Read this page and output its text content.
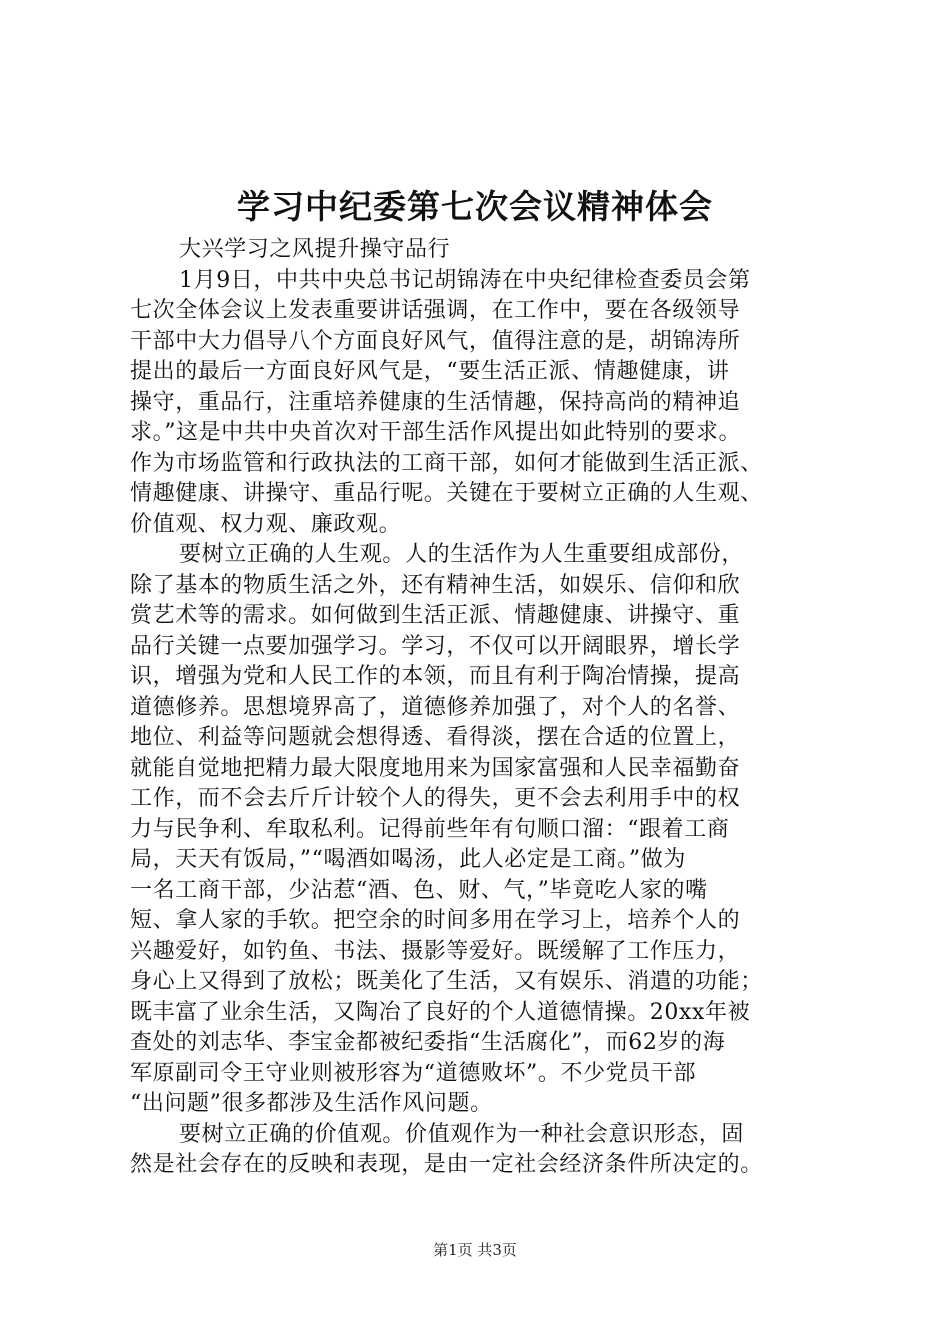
学习中纪委第七次会议精神体会
大兴学习之风提升操守品行
1月9日，中共中央总书记胡锦涛在中央纪律检查委员会第
七次全体会议上发表重要讲话强调，在工作中，要在各级领导
干部中大力倡导八个方面良好风气，值得注意的是，胡锦涛所
提出的最后一方面良好风气是，“要生活正派、情趣健康，讲
操守，重品行，注重培养健康的生活情趣，保持高尚的精神追
求。”这是中共中央首次对干部生活作风提出如此特别的要求。
作为市场监管和行政执法的工商干部，如何才能做到生活正派、
情趣健康、讲操守、重品行呢。关键在于要树立正确的人生观、
价值观、权力观、廉政观。
要树立正确的人生观。人的生活作为人生重要组成部份，
除了基本的物质生活之外，还有精神生活，如娱乐、信仰和欣
赏艺术等的需求。如何做到生活正派、情趣健康、讲操守、重
品行关键一点要加强学习。学习，不仅可以开阔眼界，增长学
识，增强为党和人民工作的本领，而且有利于陶冶情操，提高
道德修养。思想境界高了，道德修养加强了，对个人的名誉、
地位、利益等问题就会想得透、看得淡，摆在合适的位置上，
就能自觉地把精力最大限度地用来为国家富强和人民幸福勤奋
工作，而不会去斤斤计较个人的得失，更不会去利用手中的权
力与民争利、牟取私利。记得前些年有句顺口溜：“跟着工商
局，天天有饭局，”“喝酒如喝汤，此人必定是工商。”做为
一名工商干部，少沾惹“酒、色、财、气，”毕竟吃人家的嘴
短、拿人家的手软。把空余的时间多用在学习上，培养个人的
兴趣爱好，如钓鱼、书法、摄影等爱好。既缓解了工作压力，
身心上又得到了放松；既美化了生活，又有娱乐、消遣的功能；
既丰富了业余生活，又陶冶了良好的个人道德情操。20xx年被
查处的刘志华、李宝金都被纪委指“生活腐化”，而62岁的海
军原副司令王守业则被形容为“道德败坏”。不少党员干部
“出问题”很多都涉及生活作风问题。
要树立正确的价值观。价值观作为一种社会意识形态，固
然是社会存在的反映和表现，是由一定社会经济条件所决定的。
第1页 共3页
